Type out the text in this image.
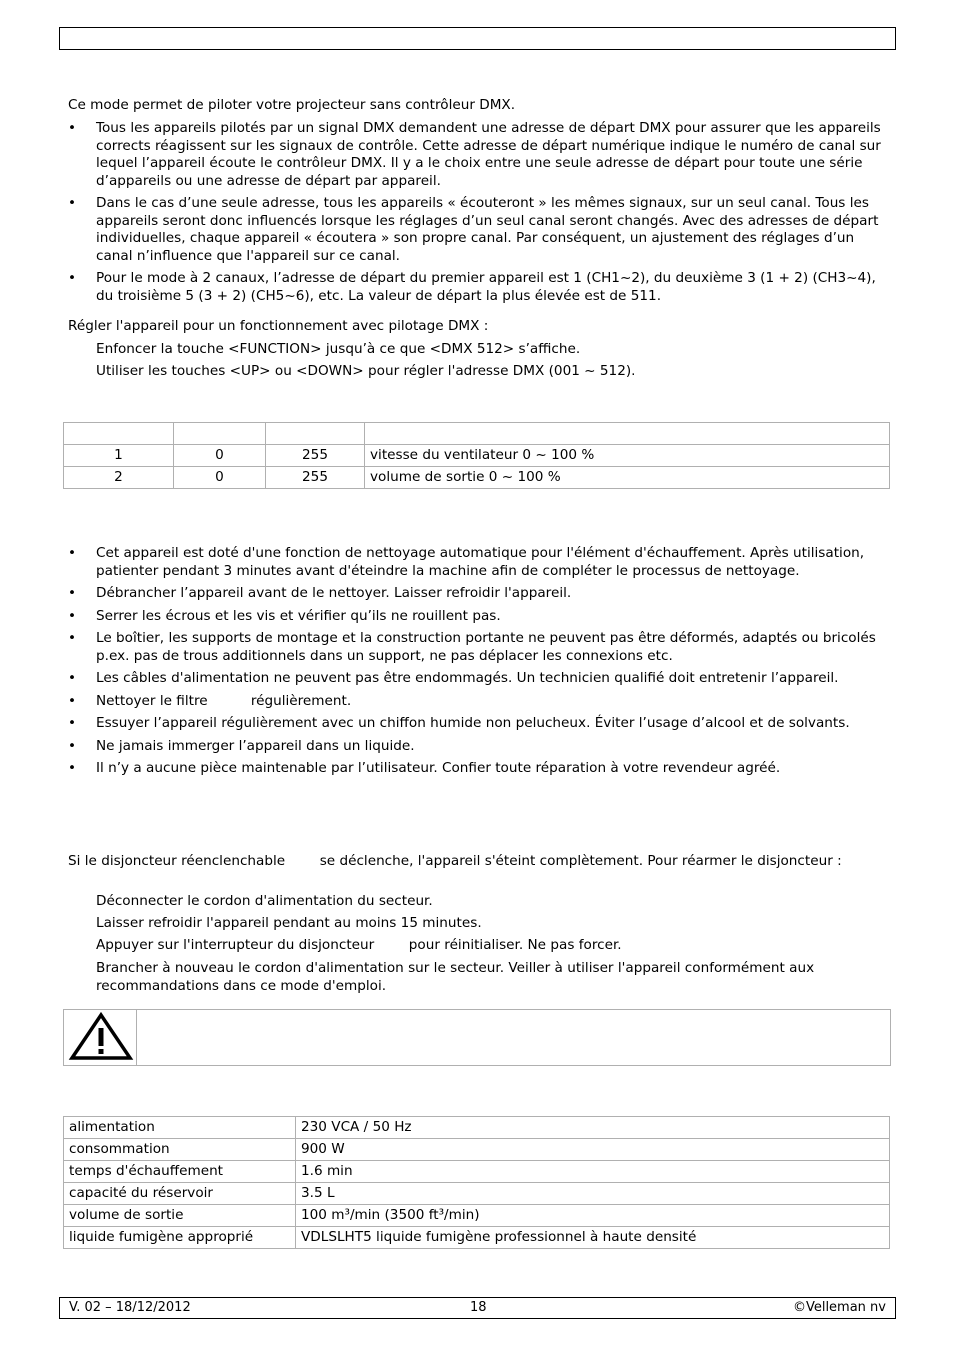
Ce mode permet de piloter votre projecteur sans contrôleur DMX.
• Tous les appareils pilotés par un signal DMX demandent une adresse de départ DMX pour assurer que les appareils corrects réagissent sur les signaux de contrôle. Cette adresse de départ numérique indique le numéro de canal sur lequel l’appareil écoute le contrôleur DMX. Il y a le choix entre une seule adresse de départ pour toute une série d’appareils ou une adresse de départ par appareil.
• Dans le cas d’une seule adresse, tous les appareils « écouteront » les mêmes signaux, sur un seul canal. Tous les appareils seront donc influencés lorsque les réglages d’un seul canal seront changés. Avec des adresses de départ individuelles, chaque appareil « écoutera » son propre canal. Par conséquent, un ajustement des réglages d’un canal n’influence que l'appareil sur ce canal.
• Pour le mode à 2 canaux, l’adresse de départ du premier appareil est 1 (CH1~2), du deuxième 3 (1 + 2) (CH3~4), du troisième 5 (3 + 2) (CH5~6), etc. La valeur de départ la plus élevée est de 511.
Régler l'appareil pour un fonctionnement avec pilotage DMX :
Enfoncer la touche <FUNCTION> jusqu’à ce que <DMX 512> s’affiche.
Utiliser les touches <UP> ou <DOWN> pour régler l'adresse DMX (001 ~ 512).

1	0	255	vitesse du ventilateur 0 ~ 100 %
2	0	255	volume de sortie 0 ~ 100 %
• Cet appareil est doté d'une fonction de nettoyage automatique pour l'élément d'échauffement. Après utilisation, patienter pendant 3 minutes avant d'éteindre la machine afin de compléter le processus de nettoyage.
• Débrancher l’appareil avant de le nettoyer. Laisser refroidir l'appareil.
• Serrer les écrous et les vis et vérifier qu’ils ne rouillent pas.
• Le boîtier, les supports de montage et la construction portante ne peuvent pas être déformés, adaptés ou bricolés p.ex. pas de trous additionnels dans un support, ne pas déplacer les connexions etc.
• Les câbles d'alimentation ne peuvent pas être endommagés. Un technicien qualifié doit entretenir l’appareil.
• Nettoyer le filtre          régulièrement.
• Essuyer l’appareil régulièrement avec un chiffon humide non pelucheux. Éviter l’usage d’alcool et de solvants.
• Ne jamais immerger l’appareil dans un liquide.
• Il n’y a aucune pièce maintenable par l’utilisateur. Confier toute réparation à votre revendeur agréé.
Si le disjoncteur réenclenchable        se déclenche, l'appareil s'éteint complètement. Pour réarmer le disjoncteur :
Déconnecter le cordon d'alimentation du secteur.
Laisser refroidir l'appareil pendant au moins 15 minutes.
Appuyer sur l'interrupteur du disjoncteur        pour réinitialiser. Ne pas forcer.
Brancher à nouveau le cordon d'alimentation sur le secteur. Veiller à utiliser l'appareil conformément aux recommandations dans ce mode d'emploi.
alimentation	230 VCA / 50 Hz
consommation	900 W
temps d'échauffement	1.6 min
capacité du réservoir	3.5 L
volume de sortie	100 m³/min (3500 ft³/min)
liquide fumigène approprié	VDLSLHT5 liquide fumigène professionnel à haute densité
V. 02 – 18/12/2012	18	©Velleman nv
